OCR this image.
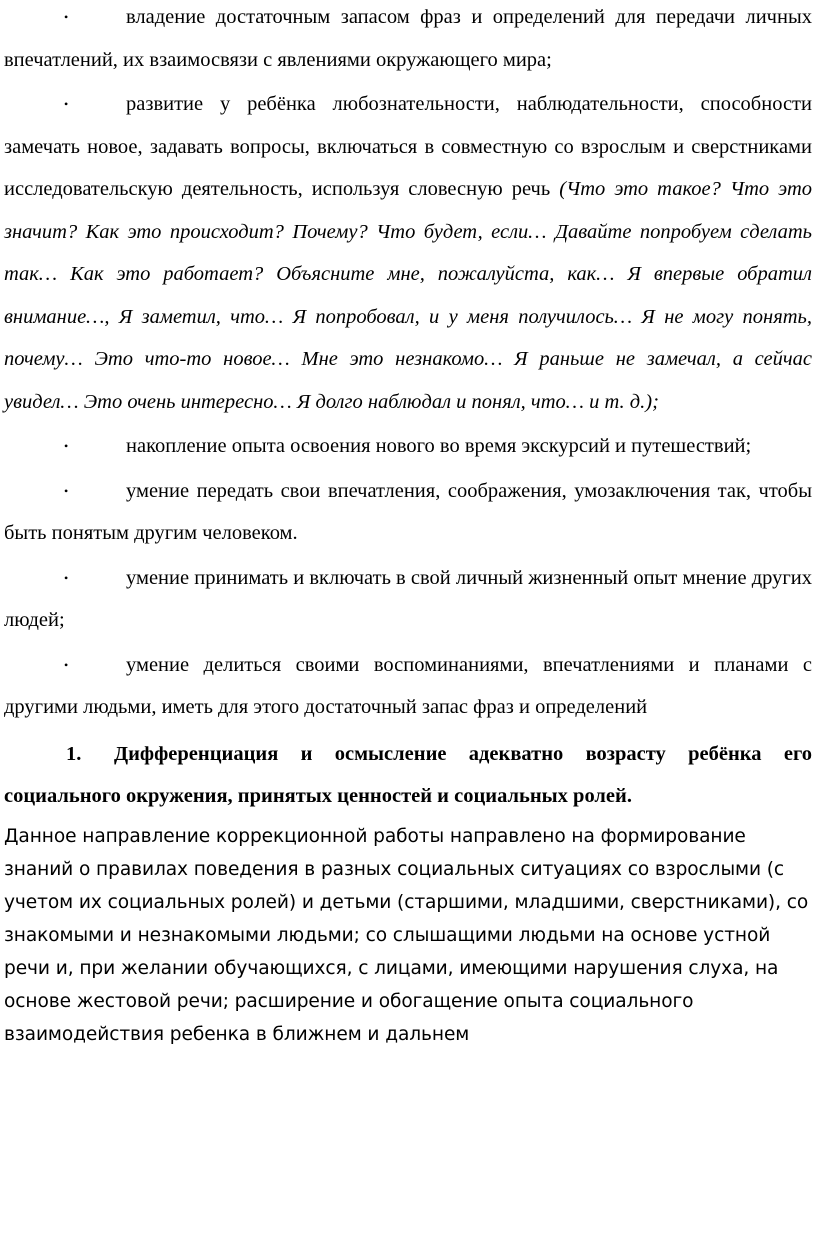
•	владение достаточным запасом фраз и определений для передачи личных впечатлений, их взаимосвязи с явлениями окружающего мира;

•	развитие у ребёнка любознательности, наблюдательности, способности замечать новое, задавать вопросы, включаться в совместную со взрослым и сверстниками исследовательскую деятельность, используя словесную речь (Что это такое? Что это значит? Как это происходит? Почему? Что будет, если… Давайте попробуем сделать так… Как это работает? Объясните мне, пожалуйста, как… Я впервые обратил внимание…, Я заметил, что… Я попробовал, и у меня получилось… Я не могу понять, почему… Это что-то новое… Мне это незнакомо… Я раньше не замечал, а сейчас увидел… Это очень интересно… Я долго наблюдал и понял, что… и т. д.);

•	накопление опыта освоения нового во время экскурсий и путешествий;

•	умение передать свои впечатления, соображения, умозаключения так, чтобы быть понятым другим человеком.

•	умение принимать и включать в свой личный жизненный опыт мнение других людей;

•	умение делиться своими воспоминаниями, впечатлениями и планами с другими людьми, иметь для этого достаточный запас фраз и определений

1. Дифференциация и осмысление адекватно возрасту ребёнка его социального окружения, принятых ценностей и социальных ролей.

Данное направление коррекционной работы направлено на формирование знаний о правилах поведения в разных социальных ситуациях со взрослыми (с учетом их социальных ролей) и детьми (старшими, младшими, сверстниками), со знакомыми и незнакомыми людьми; со слышащими людьми на основе устной речи и, при желании обучающихся, с лицами, имеющими нарушения слуха, на основе жестовой речи; расширение и обогащение опыта социального взаимодействия ребенка в ближнем и дальнем
